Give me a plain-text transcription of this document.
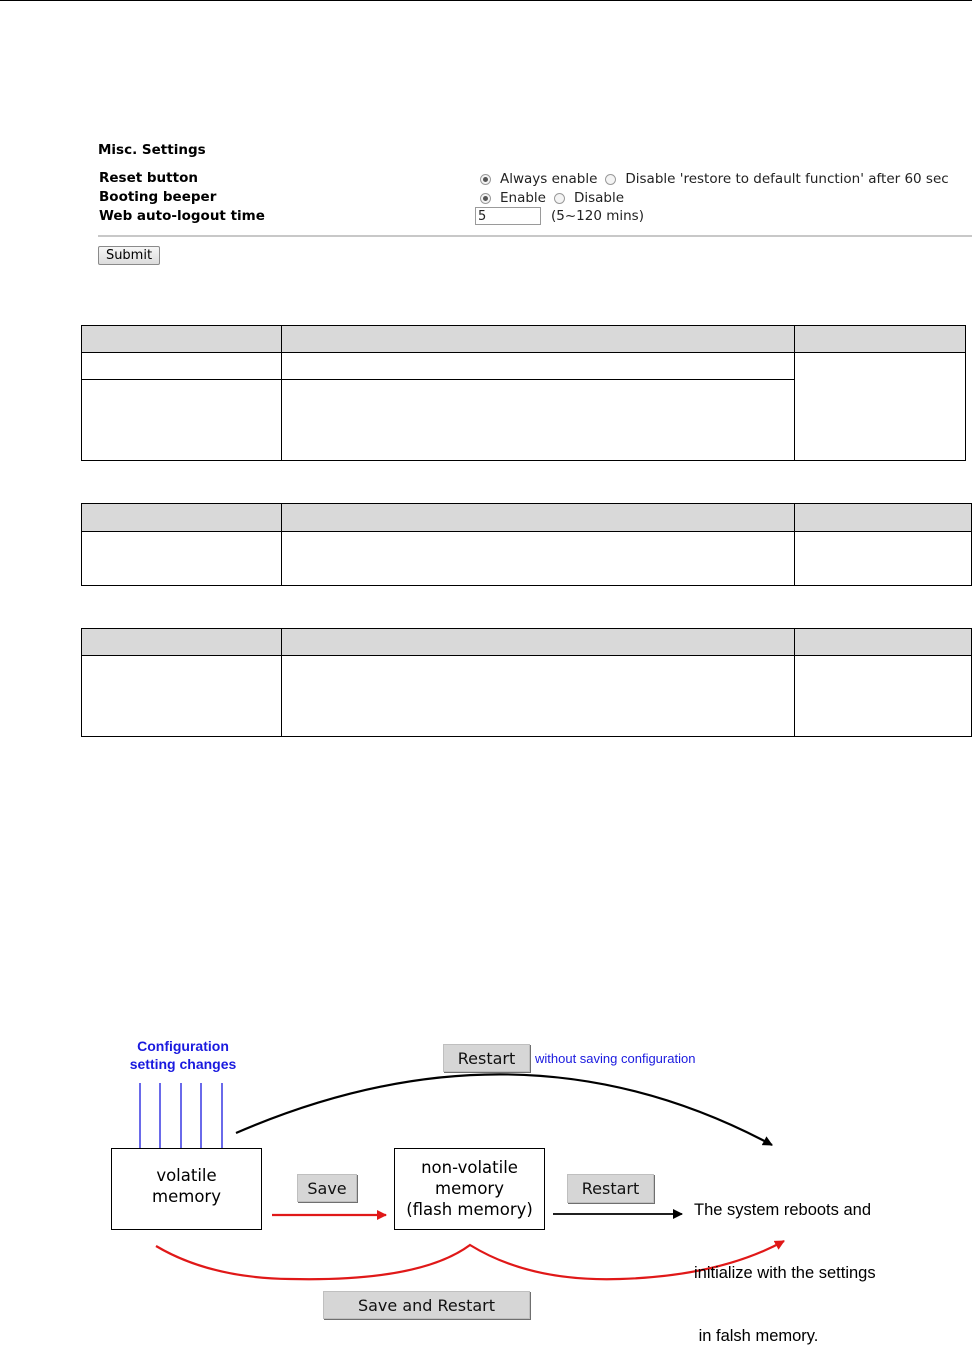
Misc. Settings
Reset button	Always enable Disable 'restore to default function' after 60 sec
Booting beeper	Enable Disable
Web auto-logout time	5	(5~120 mins)
Submit

Configuration
setting changes	Restart	without saving configuration
volatile
memory	Save
non-volatile
memory
(flash memory)
Restart

The system reboots and

initialize with the settings

in falsh memory.

Save and Restart
